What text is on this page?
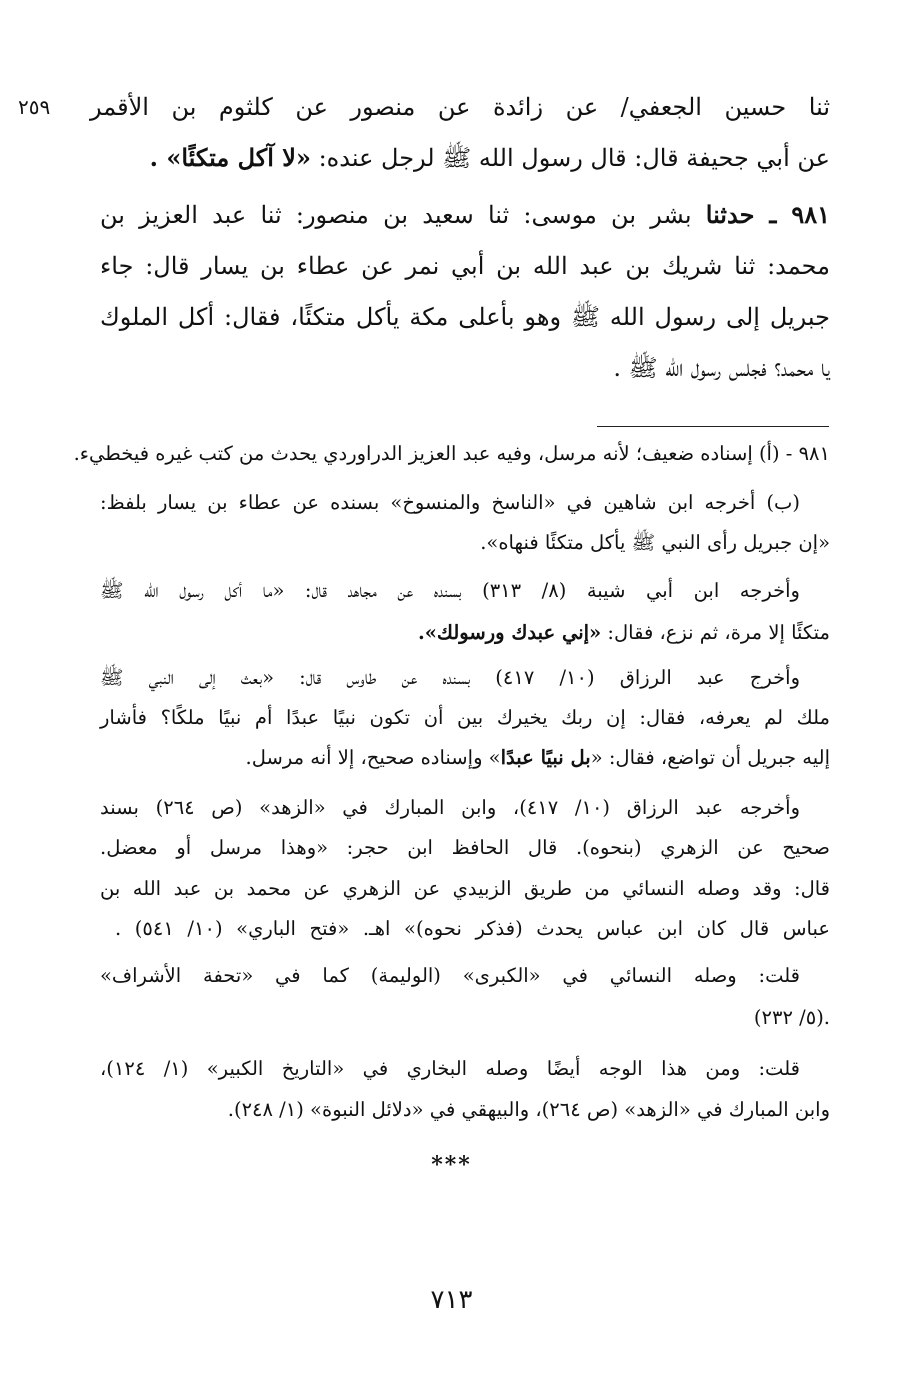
٢٥٩ ثنا حسين الجعفي/ عن زائدة عن منصور عن كلثوم بن الأقمر
عن أبي جحيفة قال: قال رسول الله ﷺ لرجل عنده: «لا آكل متكئًا» .
٩٨١ ـ حدثنا بشر بن موسى: ثنا سعيد بن منصور: ثنا عبد العزيز بن
محمد: ثنا شريك بن عبد الله بن أبي نمر عن عطاء بن يسار قال: جاء
جبريل إلى رسول الله ﷺ وهو بأعلى مكة يأكل متكئًا، فقال: أكل الملوك
يا محمد؟ فجلس رسول الله ﷺ .
٩٨١ - (أ) إسناده ضعيف؛ لأنه مرسل، وفيه عبد العزيز الدراوردي يحدث من كتب غيره فيخطيء.
(ب) أخرجه ابن شاهين في «الناسخ والمنسوخ» بسنده عن عطاء بن يسار بلفظ:
«إن جبريل رأى النبي ﷺ يأكل متكئًا فنهاه».
وأخرجه ابن أبي شيبة (٨/ ٣١٣) بسنده عن مجاهد قال: «ما أكل رسول الله ﷺ
متكئًا إلا مرة، ثم نزع، فقال: «إني عبدك ورسولك».
وأخرج عبد الرزاق (١٠/ ٤١٧) بسنده عن طاوس قال: «بعث إلى النبي ﷺ
ملك لم يعرفه، فقال: إن ربك يخيرك بين أن تكون نبيًا عبدًا أم نبيًا ملكًا؟ فأشار
إليه جبريل أن تواضع، فقال: «بل نبيًا عبدًا» وإسناده صحيح، إلا أنه مرسل.
وأخرجه عبد الرزاق (١٠/ ٤١٧)، وابن المبارك في «الزهد» (ص ٢٦٤) بسند
صحيح عن الزهري (بنحوه). قال الحافظ ابن حجر: «وهذا مرسل أو معضل.
قال: وقد وصله النسائي من طريق الزبيدي عن الزهري عن محمد بن عبد الله بن
عباس قال كان ابن عباس يحدث (فذكر نحوه)» اهـ. «فتح الباري» (١٠/ ٥٤١) .
قلت: وصله النسائي في «الكبرى» (الوليمة) كما في «تحفة الأشراف»
(٥/ ٢٣٢).
قلت: ومن هذا الوجه أيضًا وصله البخاري في «التاريخ الكبير» (١/ ١٢٤)،
وابن المبارك في «الزهد» (ص ٢٦٤)، والبيهقي في «دلائل النبوة» (١/ ٢٤٨).
***
٧١٣
